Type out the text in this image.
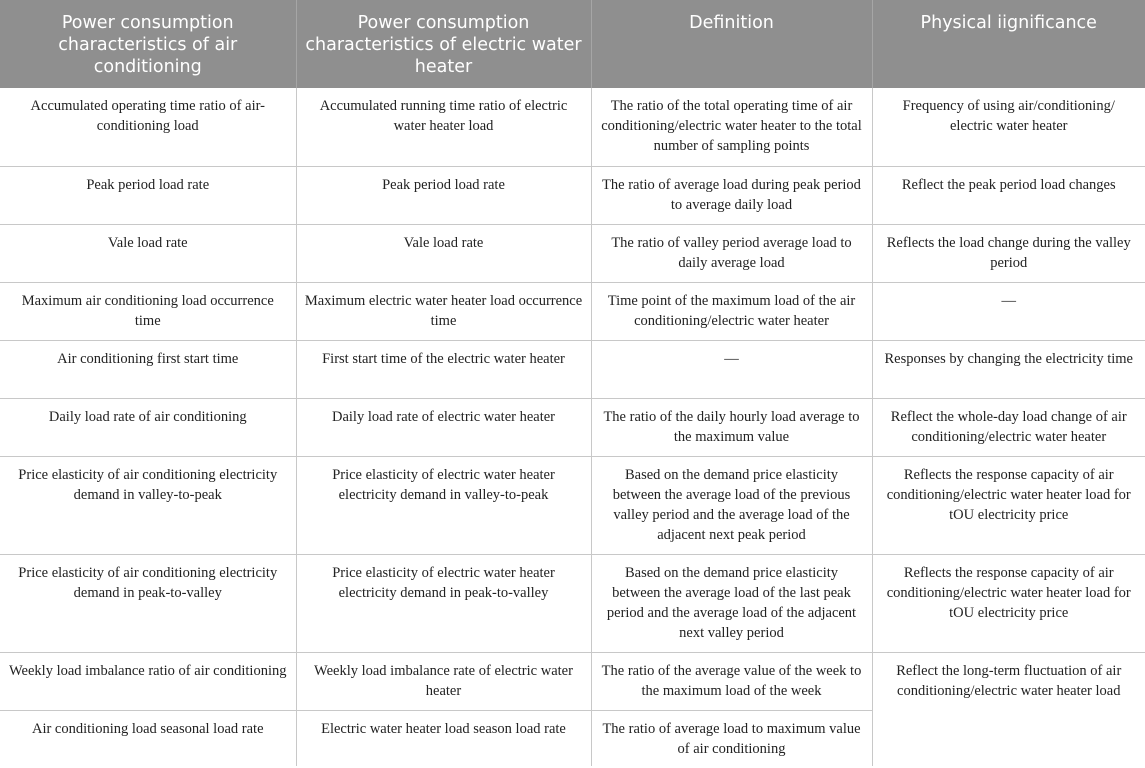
Power consumption characteristics of air conditioning	Power consumption characteristics of electric water heater	Definition	Physical iignificance
Accumulated operating time ratio of air-conditioning load	Accumulated running time ratio of electric water heater load	The ratio of the total operating time of air conditioning/electric water heater to the total number of sampling points	Frequency of using air/conditioning/ electric water heater
Peak period load rate	Peak period load rate	The ratio of average load during peak period to average daily load	Reflect the peak period load changes
Vale load rate	Vale load rate	The ratio of valley period average load to daily average load	Reflects the load change during the valley period
Maximum air conditioning load occurrence time	Maximum electric water heater load occurrence time	Time point of the maximum load of the air conditioning/electric water heater	—
Air conditioning first start time	First start time of the electric water heater	—	Responses by changing the electricity time
Daily load rate of air conditioning	Daily load rate of electric water heater	The ratio of the daily hourly load average to the maximum value	Reflect the whole-day load change of air conditioning/electric water heater
Price elasticity of air conditioning electricity demand in valley-to-peak	Price elasticity of electric water heater electricity demand in valley-to-peak	Based on the demand price elasticity between the average load of the previous valley period and the average load of the adjacent next peak period	Reflects the response capacity of air conditioning/electric water heater load for tOU electricity price
Price elasticity of air conditioning electricity demand in peak-to-valley	Price elasticity of electric water heater electricity demand in peak-to-valley	Based on the demand price elasticity between the average load of the last peak period and the average load of the adjacent next valley period	Reflects the response capacity of air conditioning/electric water heater load for tOU electricity price
Weekly load imbalance ratio of air conditioning	Weekly load imbalance rate of electric water heater	The ratio of the average value of the week to the maximum load of the week	Reflect the long-term fluctuation of air conditioning/electric water heater load
Air conditioning load seasonal load rate	Electric water heater load season load rate	The ratio of average load to maximum value of air conditioning	
